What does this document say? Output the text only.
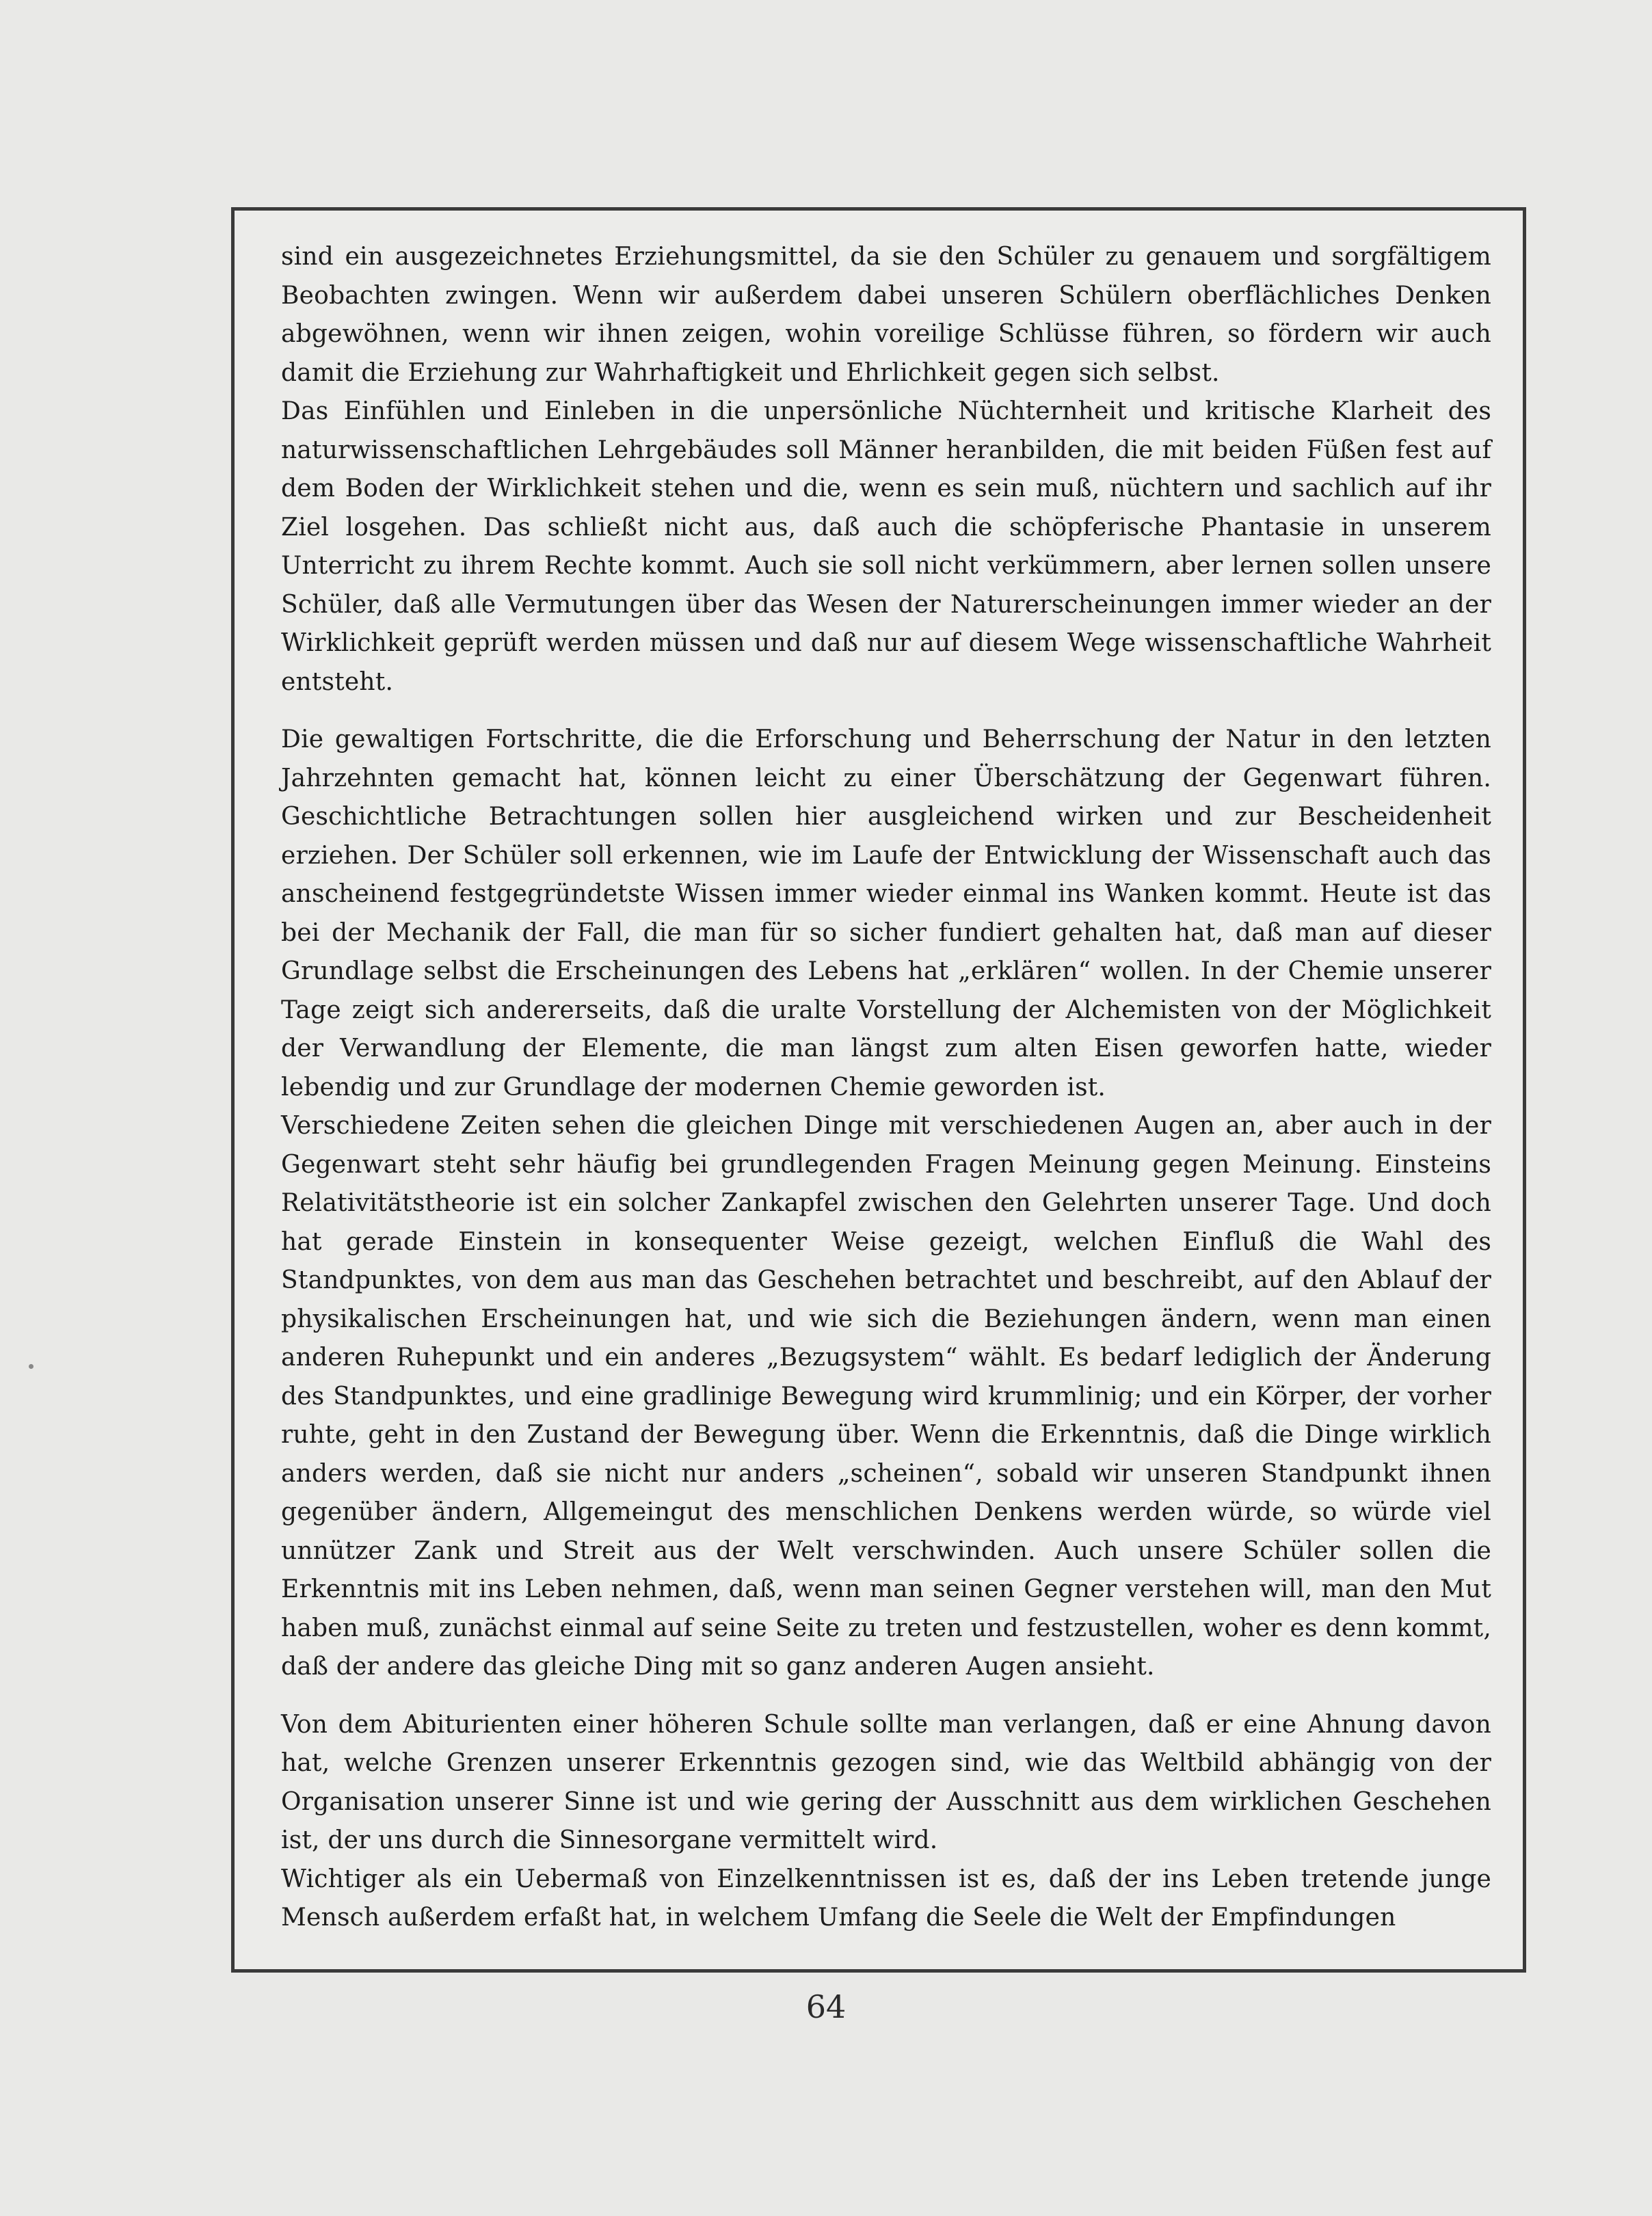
sind ein ausgezeichnetes Erziehungsmittel, da sie den Schüler zu genauem und sorgfältigem Beobachten zwingen. Wenn wir außerdem dabei unseren Schülern oberflächliches Denken abgewöhnen, wenn wir ihnen zeigen, wohin voreilige Schlüsse führen, so fördern wir auch damit die Erziehung zur Wahrhaftigkeit und Ehrlichkeit gegen sich selbst.

Das Einfühlen und Einleben in die unpersönliche Nüchternheit und kritische Klarheit des naturwissenschaftlichen Lehrgebäudes soll Männer heranbilden, die mit beiden Füßen fest auf dem Boden der Wirklichkeit stehen und die, wenn es sein muß, nüchtern und sachlich auf ihr Ziel losgehen. Das schließt nicht aus, daß auch die schöpferische Phantasie in unserem Unterricht zu ihrem Rechte kommt. Auch sie soll nicht verkümmern, aber lernen sollen unsere Schüler, daß alle Vermutungen über das Wesen der Naturerscheinungen immer wieder an der Wirklichkeit geprüft werden müssen und daß nur auf diesem Wege wissenschaftliche Wahrheit entsteht.

Die gewaltigen Fortschritte, die die Erforschung und Beherrschung der Natur in den letzten Jahrzehnten gemacht hat, können leicht zu einer Überschätzung der Gegenwart führen. Geschichtliche Betrachtungen sollen hier ausgleichend wirken und zur Bescheidenheit erziehen. Der Schüler soll erkennen, wie im Laufe der Entwicklung der Wissenschaft auch das anscheinend festgegründetste Wissen immer wieder einmal ins Wanken kommt. Heute ist das bei der Mechanik der Fall, die man für so sicher fundiert gehalten hat, daß man auf dieser Grundlage selbst die Erscheinungen des Lebens hat „erklären“ wollen. In der Chemie unserer Tage zeigt sich andererseits, daß die uralte Vorstellung der Alchemisten von der Möglichkeit der Verwandlung der Elemente, die man längst zum alten Eisen geworfen hatte, wieder lebendig und zur Grundlage der modernen Chemie geworden ist.

Verschiedene Zeiten sehen die gleichen Dinge mit verschiedenen Augen an, aber auch in der Gegenwart steht sehr häufig bei grundlegenden Fragen Meinung gegen Meinung. Einsteins Relativitätstheorie ist ein solcher Zankapfel zwischen den Gelehrten unserer Tage. Und doch hat gerade Einstein in konsequenter Weise gezeigt, welchen Einfluß die Wahl des Standpunktes, von dem aus man das Geschehen betrachtet und beschreibt, auf den Ablauf der physikalischen Erscheinungen hat, und wie sich die Beziehungen ändern, wenn man einen anderen Ruhepunkt und ein anderes „Bezugsystem“ wählt. Es bedarf lediglich der Änderung des Standpunktes, und eine gradlinige Bewegung wird krummlinig; und ein Körper, der vorher ruhte, geht in den Zustand der Bewegung über. Wenn die Erkenntnis, daß die Dinge wirklich anders werden, daß sie nicht nur anders „scheinen“, sobald wir unseren Standpunkt ihnen gegenüber ändern, Allgemeingut des menschlichen Denkens werden würde, so würde viel unnützer Zank und Streit aus der Welt verschwinden. Auch unsere Schüler sollen die Erkenntnis mit ins Leben nehmen, daß, wenn man seinen Gegner verstehen will, man den Mut haben muß, zunächst einmal auf seine Seite zu treten und festzustellen, woher es denn kommt, daß der andere das gleiche Ding mit so ganz anderen Augen ansieht.

Von dem Abiturienten einer höheren Schule sollte man verlangen, daß er eine Ahnung davon hat, welche Grenzen unserer Erkenntnis gezogen sind, wie das Weltbild abhängig von der Organisation unserer Sinne ist und wie gering der Ausschnitt aus dem wirklichen Geschehen ist, der uns durch die Sinnesorgane vermittelt wird.

Wichtiger als ein Uebermaß von Einzelkenntnissen ist es, daß der ins Leben tretende junge Mensch außerdem erfaßt hat, in welchem Umfang die Seele die Welt der Empfindungen

64
